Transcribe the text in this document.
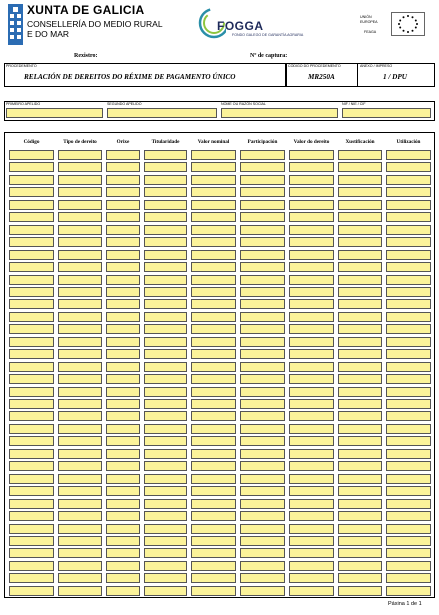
XUNTA DE GALICIA
CONSELLERÍA DO MEDIO RURAL
E DO MAR
FOGGA
FONDO GALEGO DE GARANTÍA AGRARIA
UNIÓN
EUROPEA
FEAGA
Rexistro:	Nº de captura:
PROCEDEMENTO
RELACIÓN DE DEREITOS DO RÉXIME DE PAGAMENTO ÚNICO
CÓDIGO DO PROCEDEMENTO
MR250A
ANEXO / IMPRESO
1 / DPU
PRIMEIRO APELIDO	SEGUNDO APELIDO	NOME OU RAZÓN SOCIAL	NIF / NIE / CIF
Código	Tipo de dereito	Orixe	Titularidade	Valor nominal	Participación	Valor do dereito	Xustificación	Utilización
Páxina 1 de 1
